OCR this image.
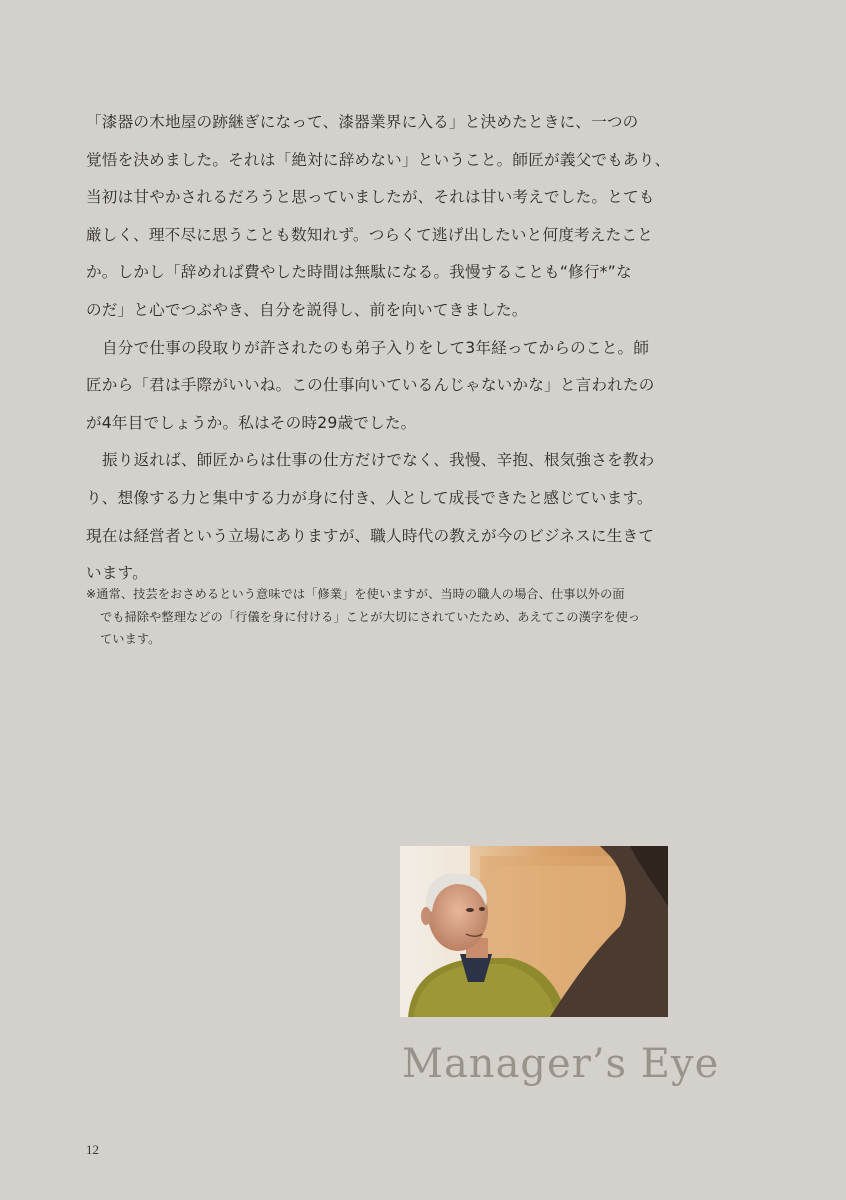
「漆器の木地屋の跡継ぎになって、漆器業界に入る」と決めたときに、一つの
覚悟を決めました。それは「絶対に辞めない」ということ。師匠が義父でもあり、
当初は甘やかされるだろうと思っていましたが、それは甘い考えでした。とても
厳しく、理不尽に思うことも数知れず。つらくて逃げ出したいと何度考えたこと
か。しかし「辞めれば費やした時間は無駄になる。我慢することも“修行*”な
のだ」と心でつぶやき、自分を説得し、前を向いてきました。
自分で仕事の段取りが許されたのも弟子入りをして3年経ってからのこと。師
匠から「君は手際がいいね。この仕事向いているんじゃないかな」と言われたの
が4年目でしょうか。私はその時29歳でした。
振り返れば、師匠からは仕事の仕方だけでなく、我慢、辛抱、根気強さを教わ
り、想像する力と集中する力が身に付き、人として成長できたと感じています。
現在は経営者という立場にありますが、職人時代の教えが今のビジネスに生きて
います。
※通常、技芸をおさめるという意味では「修業」を使いますが、当時の職人の場合、仕事以外の面
でも掃除や整理などの「行儀を身に付ける」ことが大切にされていたため、あえてこの漢字を使っ
ています。
Manager’s Eye
12
